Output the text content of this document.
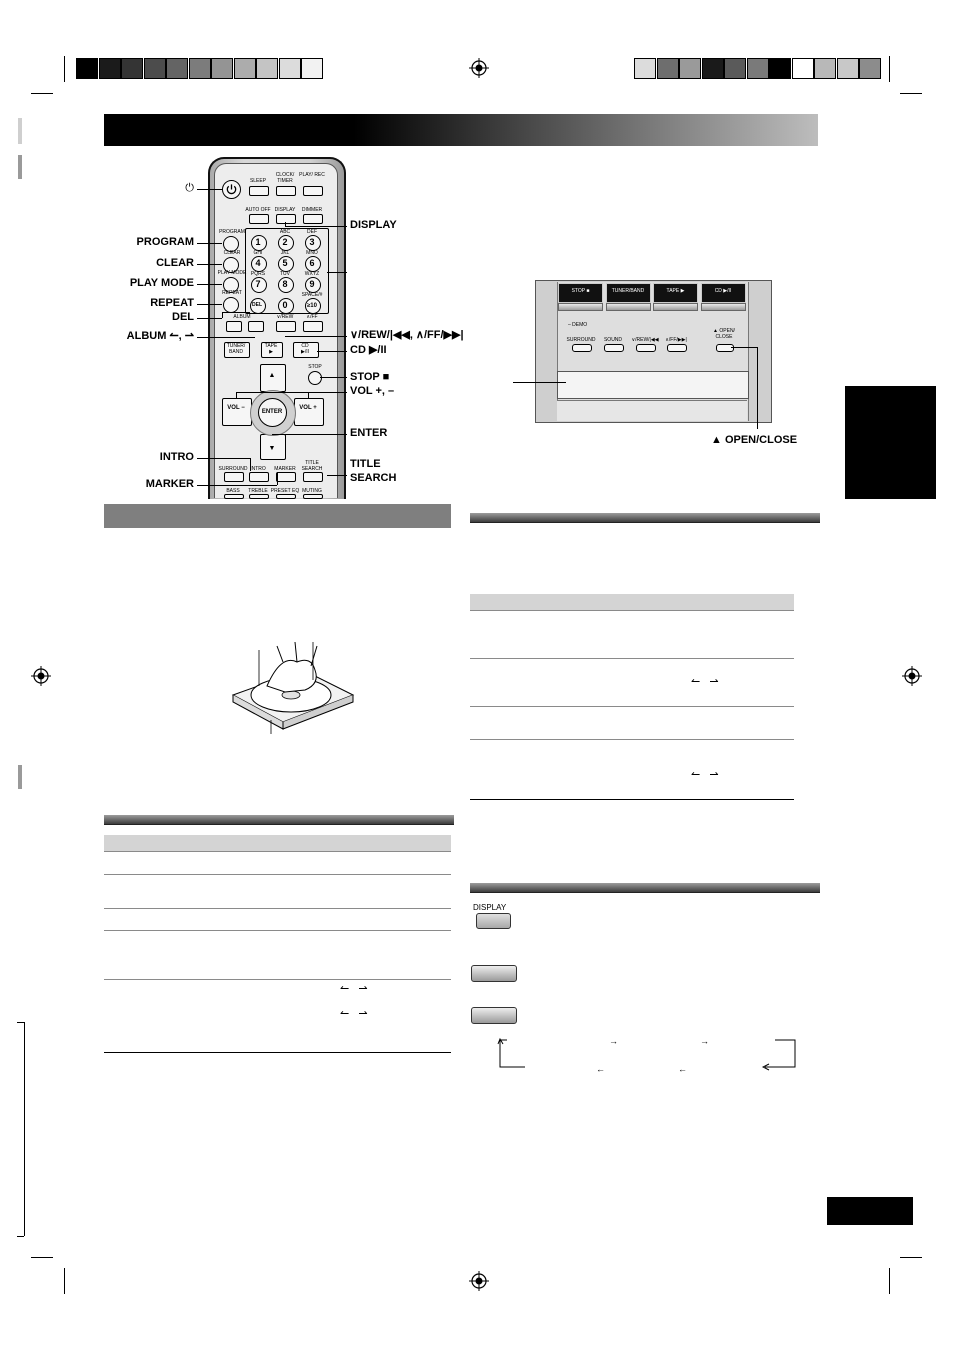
SLEEP
CLOCK/ TIMER
PLAY/ REC
AUTO OFF DISPLAY	DIMMER
1
ABC
2
DEF
3
GHI
4
JKL
5
MNO
6
PQRS
7
TUV
8
WXYZ
9
SPACE/#
0	≥10
PROGRAM
CLEAR
PLAY MODE
REPEAT
DEL
ALBUM	∨/REW	∧/FF
TUNER/ BAND
TAPE
▶
CD
▶/II
STOP
▲
▼
VOL −	VOL +
ENTER
SURROUND INTRO	MARKER
TITLE SEARCH
BASS	TREBLE PRESET EQ MUTING
⏻
PROGRAM
CLEAR
PLAY MODE
REPEAT
DEL
ALBUM ↼, ⇀
INTRO
MARKER
DISPLAY
∨/REW/|◀◀, ∧/FF/▶▶|
CD ▶/II
STOP ■
VOL +, –
ENTER
TITLE
SEARCH
STOP ■	TUNER/BAND	TAPE ▶	CD ▶/II
– DEMO
SURROUND	SOUND	∨/REW/|◀◀	∧/FF/▶▶|
▲ OPEN/ CLOSE
▲ OPEN/CLOSE
↼   ⇀
↼   ⇀
↼   ⇀
↼   ⇀
DISPLAY
→	→
←	←
